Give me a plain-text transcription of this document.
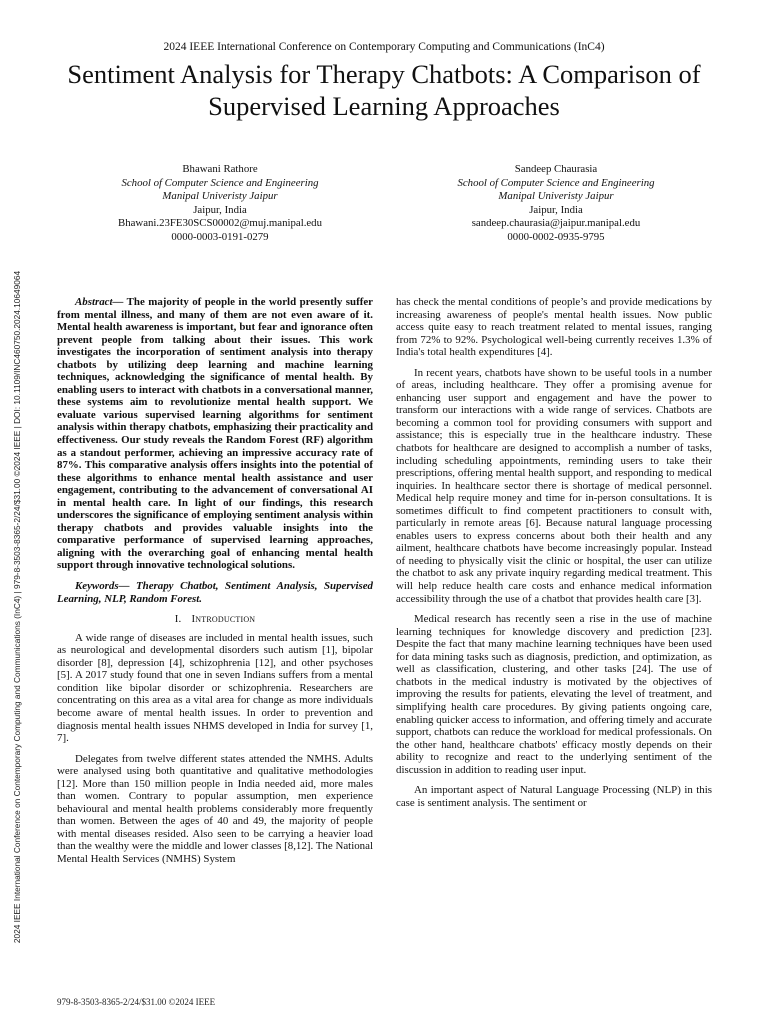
2024 IEEE International Conference on Contemporary Computing and Communications (InC4)
Sentiment Analysis for Therapy Chatbots: A Comparison of Supervised Learning Approaches
Bhawani Rathore
School of Computer Science and Engineering
Manipal Univeristy Jaipur
Jaipur, India
Bhawani.23FE30SCS00002@muj.manipal.edu
0000-0003-0191-0279
Sandeep Chaurasia
School of Computer Science and Engineering
Manipal Univeristy Jaipur
Jaipur, India
sandeep.chaurasia@jaipur.manipal.edu
0000-0002-0935-9795
2024 IEEE International Conference on Contemporary Computing and Communications (InC4) | 979-8-3503-8365-2/24/$31.00 ©2024 IEEE | DOI: 10.1109/INC460750.2024.10649064	Abstract— The majority of people in the world presently suffer from mental illness, and many of them are not even aware of it. Mental health awareness is important, but fear and ignorance often prevent people from talking about their issues. This work investigates the incorporation of sentiment analysis into therapy chatbots by utilizing deep learning and machine learning techniques, acknowledging the significance of mental health. By enabling users to interact with chatbots in a conversational manner, these systems aim to revolutionize mental health support. We evaluate various supervised learning algorithms for sentiment analysis within therapy chatbots, emphasizing their practicality and effectiveness. Our study reveals the Random Forest (RF) algorithm as a standout performer, achieving an impressive accuracy rate of 87%. This comparative analysis offers insights into the potential of these algorithms to enhance mental health assistance and user engagement, contributing to the advancement of conversational AI in mental health care. In light of our findings, this research underscores the significance of employing sentiment analysis within therapy chatbots and provides valuable insights into the comparative performance of supervised learning approaches, aligning with the overarching goal of enhancing mental health support through innovative technological solutions.

Keywords— Therapy Chatbot, Sentiment Analysis, Supervised Learning, NLP, Random Forest.

I. Introduction

A wide range of diseases are included in mental health issues, such as neurological and developmental disorders such autism [1], bipolar disorder [8], depression [4], schizophrenia [12], and other psychoses [5]. A 2017 study found that one in seven Indians suffers from a mental condition like bipolar disorder or schizophrenia. Researchers are concentrating on this area as a vital area for change as more individuals become aware of mental health issues. In order to prevention and diagnosis mental health issues NHMS developed in India for survey [1, 7].

Delegates from twelve different states attended the NMHS. Adults were analysed using both quantitative and qualitative methodologies [12]. More than 150 million people in India needed aid, more males than women. Contrary to popular assumption, men experience behavioural and mental health problems considerably more frequently than women. Between the ages of 40 and 49, the majority of people with mental diseases resided. Also seen to be carrying a heavier load than the wealthy were the middle and lower classes [8,12]. The National Mental Health Services (NMHS) System

has check the mental conditions of people’s and provide medications by increasing awareness of people's mental health issues. Now public access quite easy to reach treatment related to mental issues, ranging from 72% to 92%. Psychological well-being currently receives 1.3% of India's total health expenditures [4].

In recent years, chatbots have shown to be useful tools in a number of areas, including healthcare. They offer a promising avenue for enhancing user support and engagement and have the power to transform our interactions with a wide range of services. Chatbots are becoming a common tool for providing consumers with support and assistance; this is especially true in the healthcare industry. These chatbots for healthcare are designed to accomplish a number of tasks, including scheduling appointments, reminding users to take their prescriptions, offering mental health support, and responding to medical inquiries. In healthcare sector there is shortage of medical personnel. Medical help require money and time for in-person consultations. It is sometimes difficult to find competent practitioners to consult with, particularly in remote areas [6]. Because natural language processing enables users to express concerns about both their health and any ailment, healthcare chatbots have become increasingly popular. Instead of needing to physically visit the clinic or hospital, the user can utilize the chatbot to ask any private inquiry regarding medical treatment. This will help reduce health care costs and enhance medical information accessibility through the use of a chatbot that provides health care [3].

Medical research has recently seen a rise in the use of machine learning techniques for knowledge discovery and prediction [23]. Despite the fact that many machine learning techniques have been used for data mining tasks such as diagnosis, prediction, and optimization, as well as classification, clustering, and other tasks [24]. The use of chatbots in the medical industry is motivated by the objectives of improving the results for patients, elevating the level of treatment, and simplifying health care procedures. By giving patients ongoing care, enabling quicker access to information, and offering timely and accurate support, chatbots can reduce the workload for medical professionals. On the other hand, healthcare chatbots' efficacy mostly depends on their ability to recognize and react to the underlying sentiment of the discussion in addition to reading user input.

An important aspect of Natural Language Processing (NLP) in this case is sentiment analysis. The sentiment or

979-8-3503-8365-2/24/$31.00 ©2024 IEEE
